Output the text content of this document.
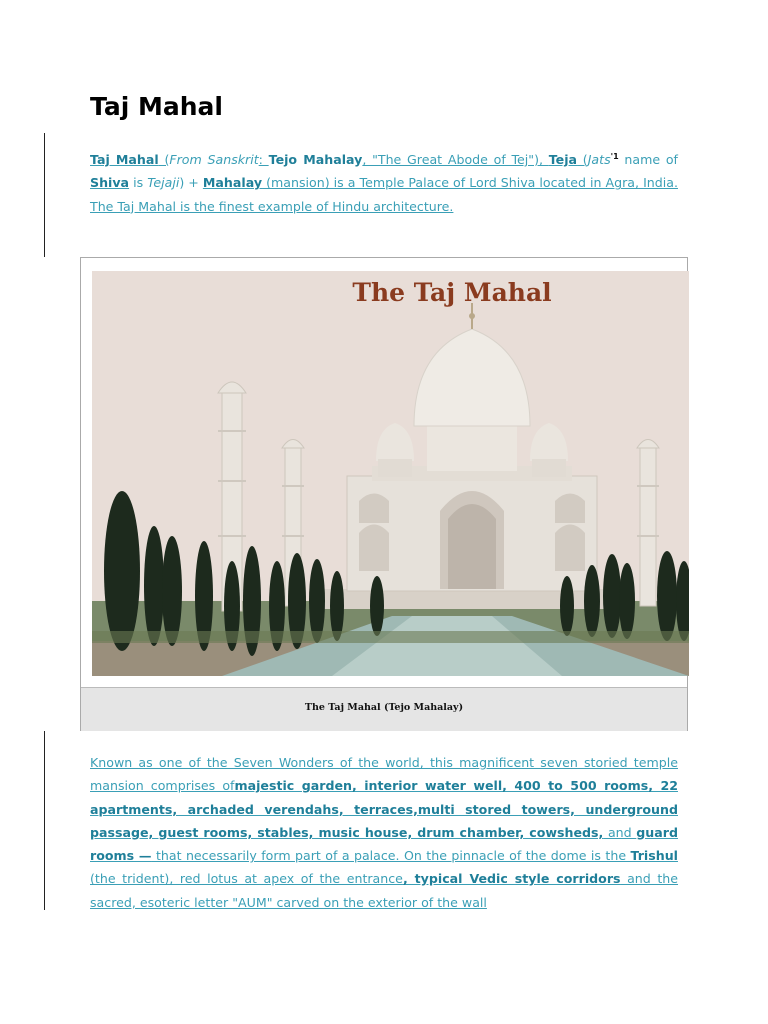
Taj Mahal

Taj Mahal (From Sanskrit: Tejo Mahalay, "The Great Abode of Tej"), Teja (Jats$^{'1}$ name of Shiva is Tejaji) + Mahalay (mansion) is a Temple Palace of Lord Shiva located in Agra, India. The Taj Mahal is the finest example of Hindu architecture.

The Taj Mahal
The Taj Mahal (Tejo Mahalay)

Known as one of the Seven Wonders of the world, this magnificent seven storied temple mansion comprises ofmajestic garden, interior water well, 400 to 500 rooms, 22 apartments, archaded verendahs, terraces,multi stored towers, underground passage, guest rooms, stables, music house, drum chamber, cowsheds, and guard rooms — that necessarily form part of a palace. On the pinnacle of the dome is the Trishul (the trident), red lotus at apex of the entrance, typical Vedic style corridors and the sacred, esoteric letter "AUM" carved on the exterior of the wall
